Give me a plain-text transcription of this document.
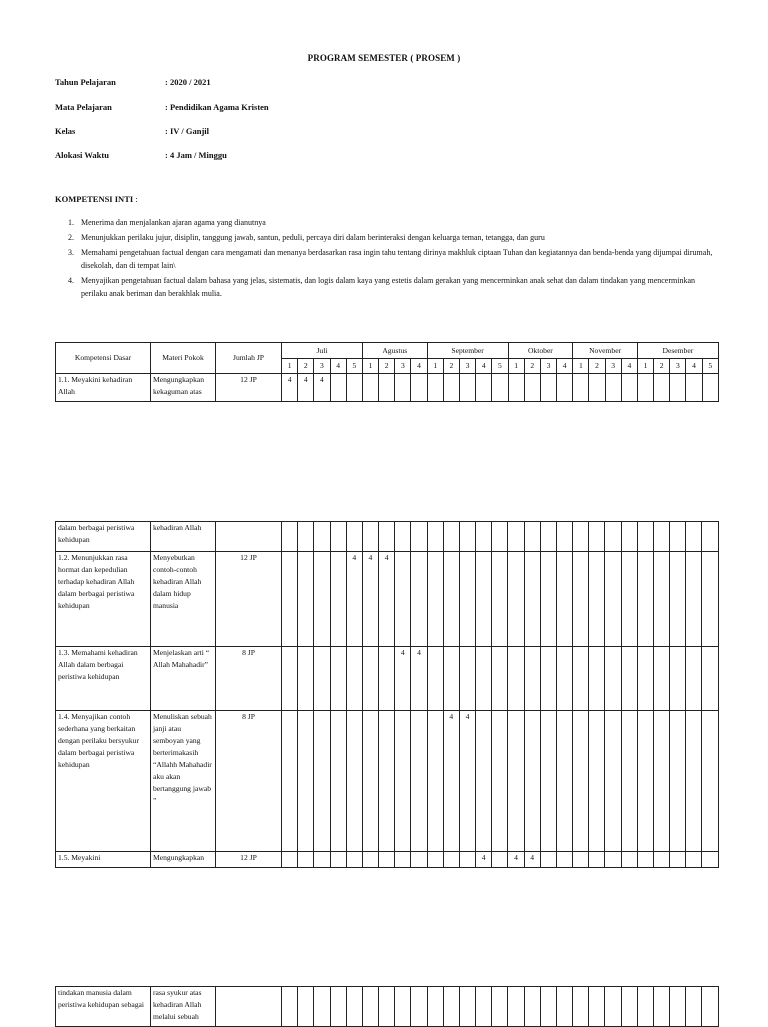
PROGRAM SEMESTER ( PROSEM )
Tahun Pelajaran	: 2020 / 2021
Mata Pelajaran	: Pendidikan Agama Kristen
Kelas	: IV / Ganjil
Alokasi Waktu	: 4 Jam / Minggu
KOMPETENSI INTI :
1. Menerima dan menjalankan ajaran agama yang dianutnya
2. Menunjukkan perilaku jujur, disiplin, tanggung jawab, santun, peduli, percaya diri dalam berinteraksi dengan keluarga teman, tetangga, dan guru
3. Memahami pengetahuan factual dengan cara mengamati dan menanya berdasarkan rasa ingin tahu tentang dirinya makhluk ciptaan Tuhan dan kegiatannya dan benda-benda yang dijumpai dirumah, disekolah, dan di tempat lain\
4. Menyajikan pengetahuan factual dalam bahasa yang jelas, sistematis, dan logis dalam kaya yang estetis dalam gerakan yang mencerminkan anak sehat dan dalam tindakan yang mencerminkan perilaku anak beriman dan berakhlak mulia.
Kompetensi Dasar	Materi Pokok	Jumlah JP	Juli					Agustus				September					Oktober				November				Desember				
			1	2	3	4	5	1	2	3	4	1	2	3	4	5	1	2	3	4	1	2	3	4	1	2	3	4	5
1.1. Meyakini kehadiran Allah	Mengungkapkan kekaguman atas	12 JP	4	4	4																								
dalam berbagai peristiwa kehidupan	kehadiran Allah																												
1.2. Menunjukkan rasa hormat dan kepedulian terhadap kehadiran Allah dalam berbagai peristiwa kehidupan	Menyebutkan contoh-contoh kehadiran Allah dalam hidup manusia	12 JP					4	4	4																				
1.3. Memahami kehadiran Allah dalam berbagai peristiwa kehidupan	Menjelaskan arti “ Allah Mahahadir”	8 JP								4	4																		
1.4. Menyajikan contoh sederhana yang berkaitan dengan perilaku bersyukur dalam berbagai peristiwa kehidupan	Menuliskan sebuah janji atau semboyan yang berterimakasih “Allahh Mahahadir aku akan bertanggung jawab ”	8 JP											4	4															
1.5. Meyakini	Mengungkapkan	12 JP													4		4	4											
tindakan manusia dalam peristiwa kehidupan sebagai	rasa syukur atas kehadiran Allah melalui sebuah																												
